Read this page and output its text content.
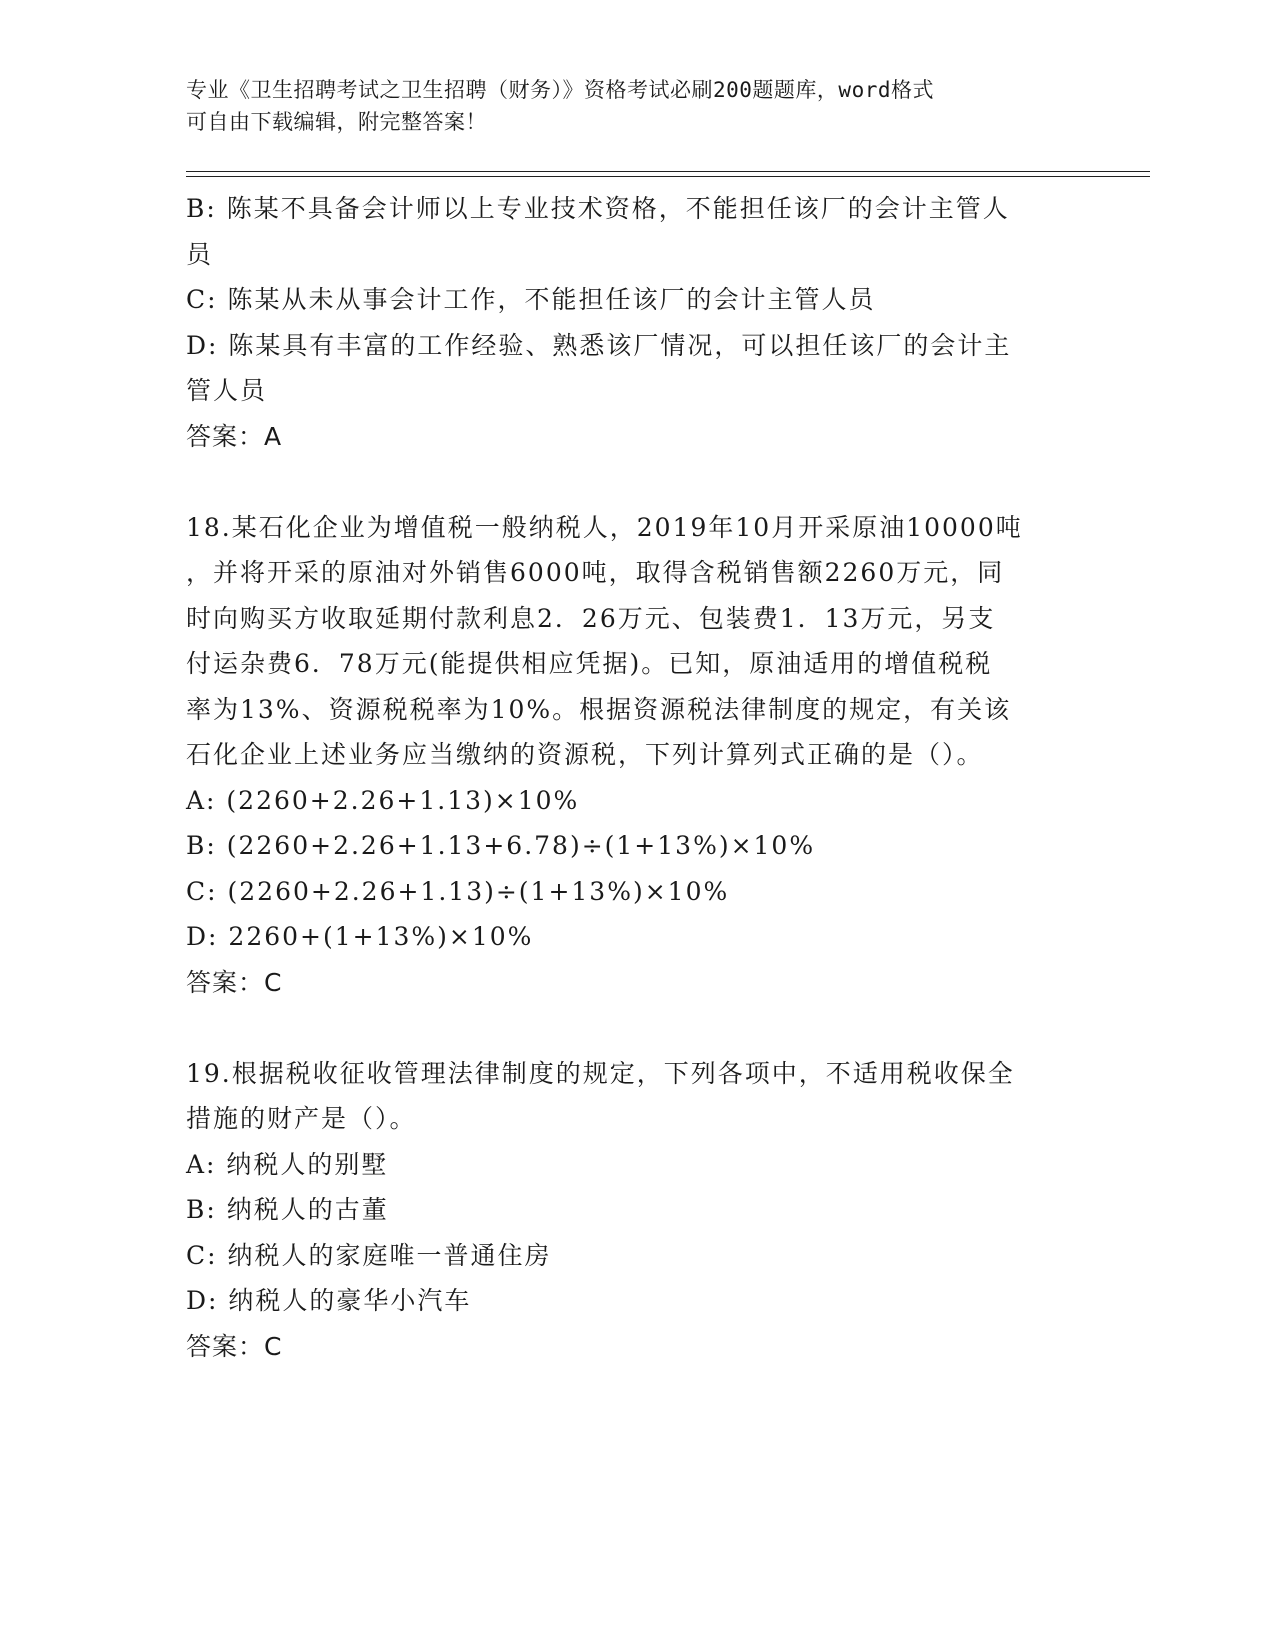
专业《卫生招聘考试之卫生招聘（财务）》资格考试必刷200题题库，word格式
可自由下载编辑，附完整答案！
B: 陈某不具备会计师以上专业技术资格，不能担任该厂的会计主管人
员
C: 陈某从未从事会计工作，不能担任该厂的会计主管人员
D: 陈某具有丰富的工作经验、熟悉该厂情况，可以担任该厂的会计主
管人员
答案：A
18.某石化企业为增值税一般纳税人，2019年10月开采原油10000吨
，并将开采的原油对外销售6000吨，取得含税销售额2260万元，同
时向购买方收取延期付款利息2．26万元、包装费1．13万元，另支
付运杂费6．78万元(能提供相应凭据)。已知，原油适用的增值税税
率为13%、资源税税率为10%。根据资源税法律制度的规定，有关该
石化企业上述业务应当缴纳的资源税，下列计算列式正确的是（）。
A: (2260+2.26+1.13)×10%
B: (2260+2.26+1.13+6.78)÷(1+13%)×10%
C: (2260+2.26+1.13)÷(1+13%)×10%
D: 2260+(1+13%)×10%
答案：C
19.根据税收征收管理法律制度的规定，下列各项中，不适用税收保全
措施的财产是（）。
A: 纳税人的别墅
B: 纳税人的古董
C: 纳税人的家庭唯一普通住房
D: 纳税人的豪华小汽车
答案：C
